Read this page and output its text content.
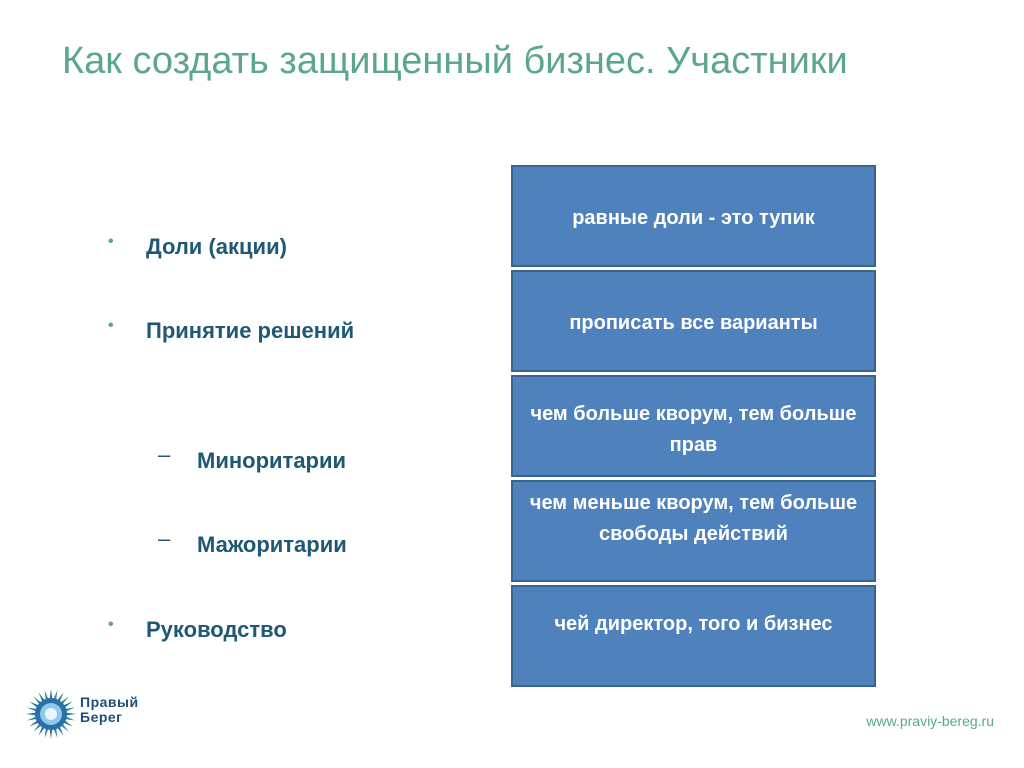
Как создать защищенный бизнес. Участники
• Доли (акции)
• Принятие решений
– Миноритарии
– Мажоритарии
• Руководство
равные доли - это тупик
прописать все варианты
чем больше кворум, тем больше прав
чем меньше кворум, тем больше свободы действий
чей директор, того и бизнес
Правый
Берег	www.praviy-bereg.ru
